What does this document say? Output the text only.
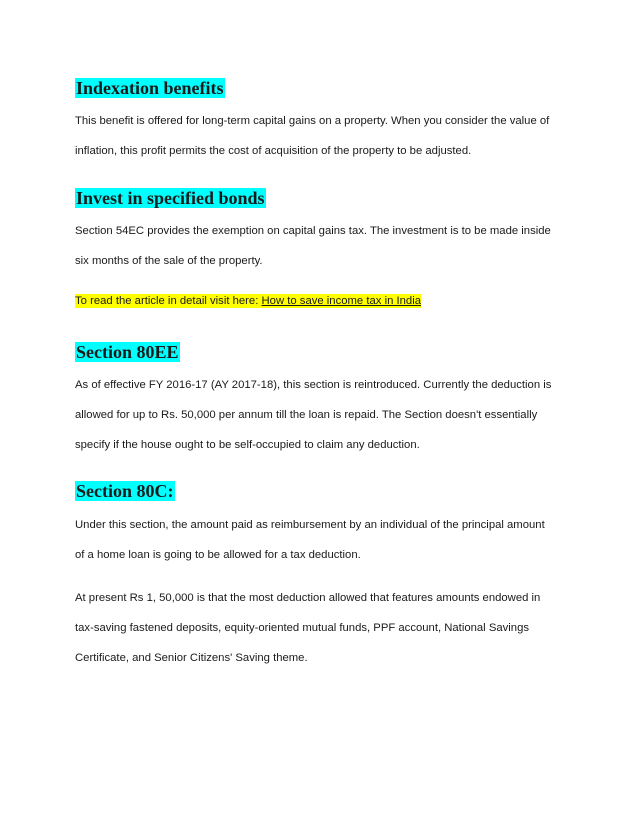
Indexation benefits
This benefit is offered for long-term capital gains on a property. When you consider the value of
inflation, this profit permits the cost of acquisition of the property to be adjusted.
Invest in specified bonds
Section 54EC provides the exemption on capital gains tax. The investment is to be made inside
six months of the sale of the property.
To read the article in detail visit here: How to save income tax in India
Section 80EE
As of effective FY 2016-17 (AY 2017-18), this section is reintroduced. Currently the deduction is
allowed for up to Rs. 50,000 per annum till the loan is repaid. The Section doesn't essentially
specify if the house ought to be self-occupied to claim any deduction.
Section 80C:
Under this section, the amount paid as reimbursement by an individual of the principal amount
of a home loan is going to be allowed for a tax deduction.
At present Rs 1, 50,000 is that the most deduction allowed that features amounts endowed in
tax-saving fastened deposits, equity-oriented mutual funds, PPF account, National Savings
Certificate, and Senior Citizens' Saving theme.
